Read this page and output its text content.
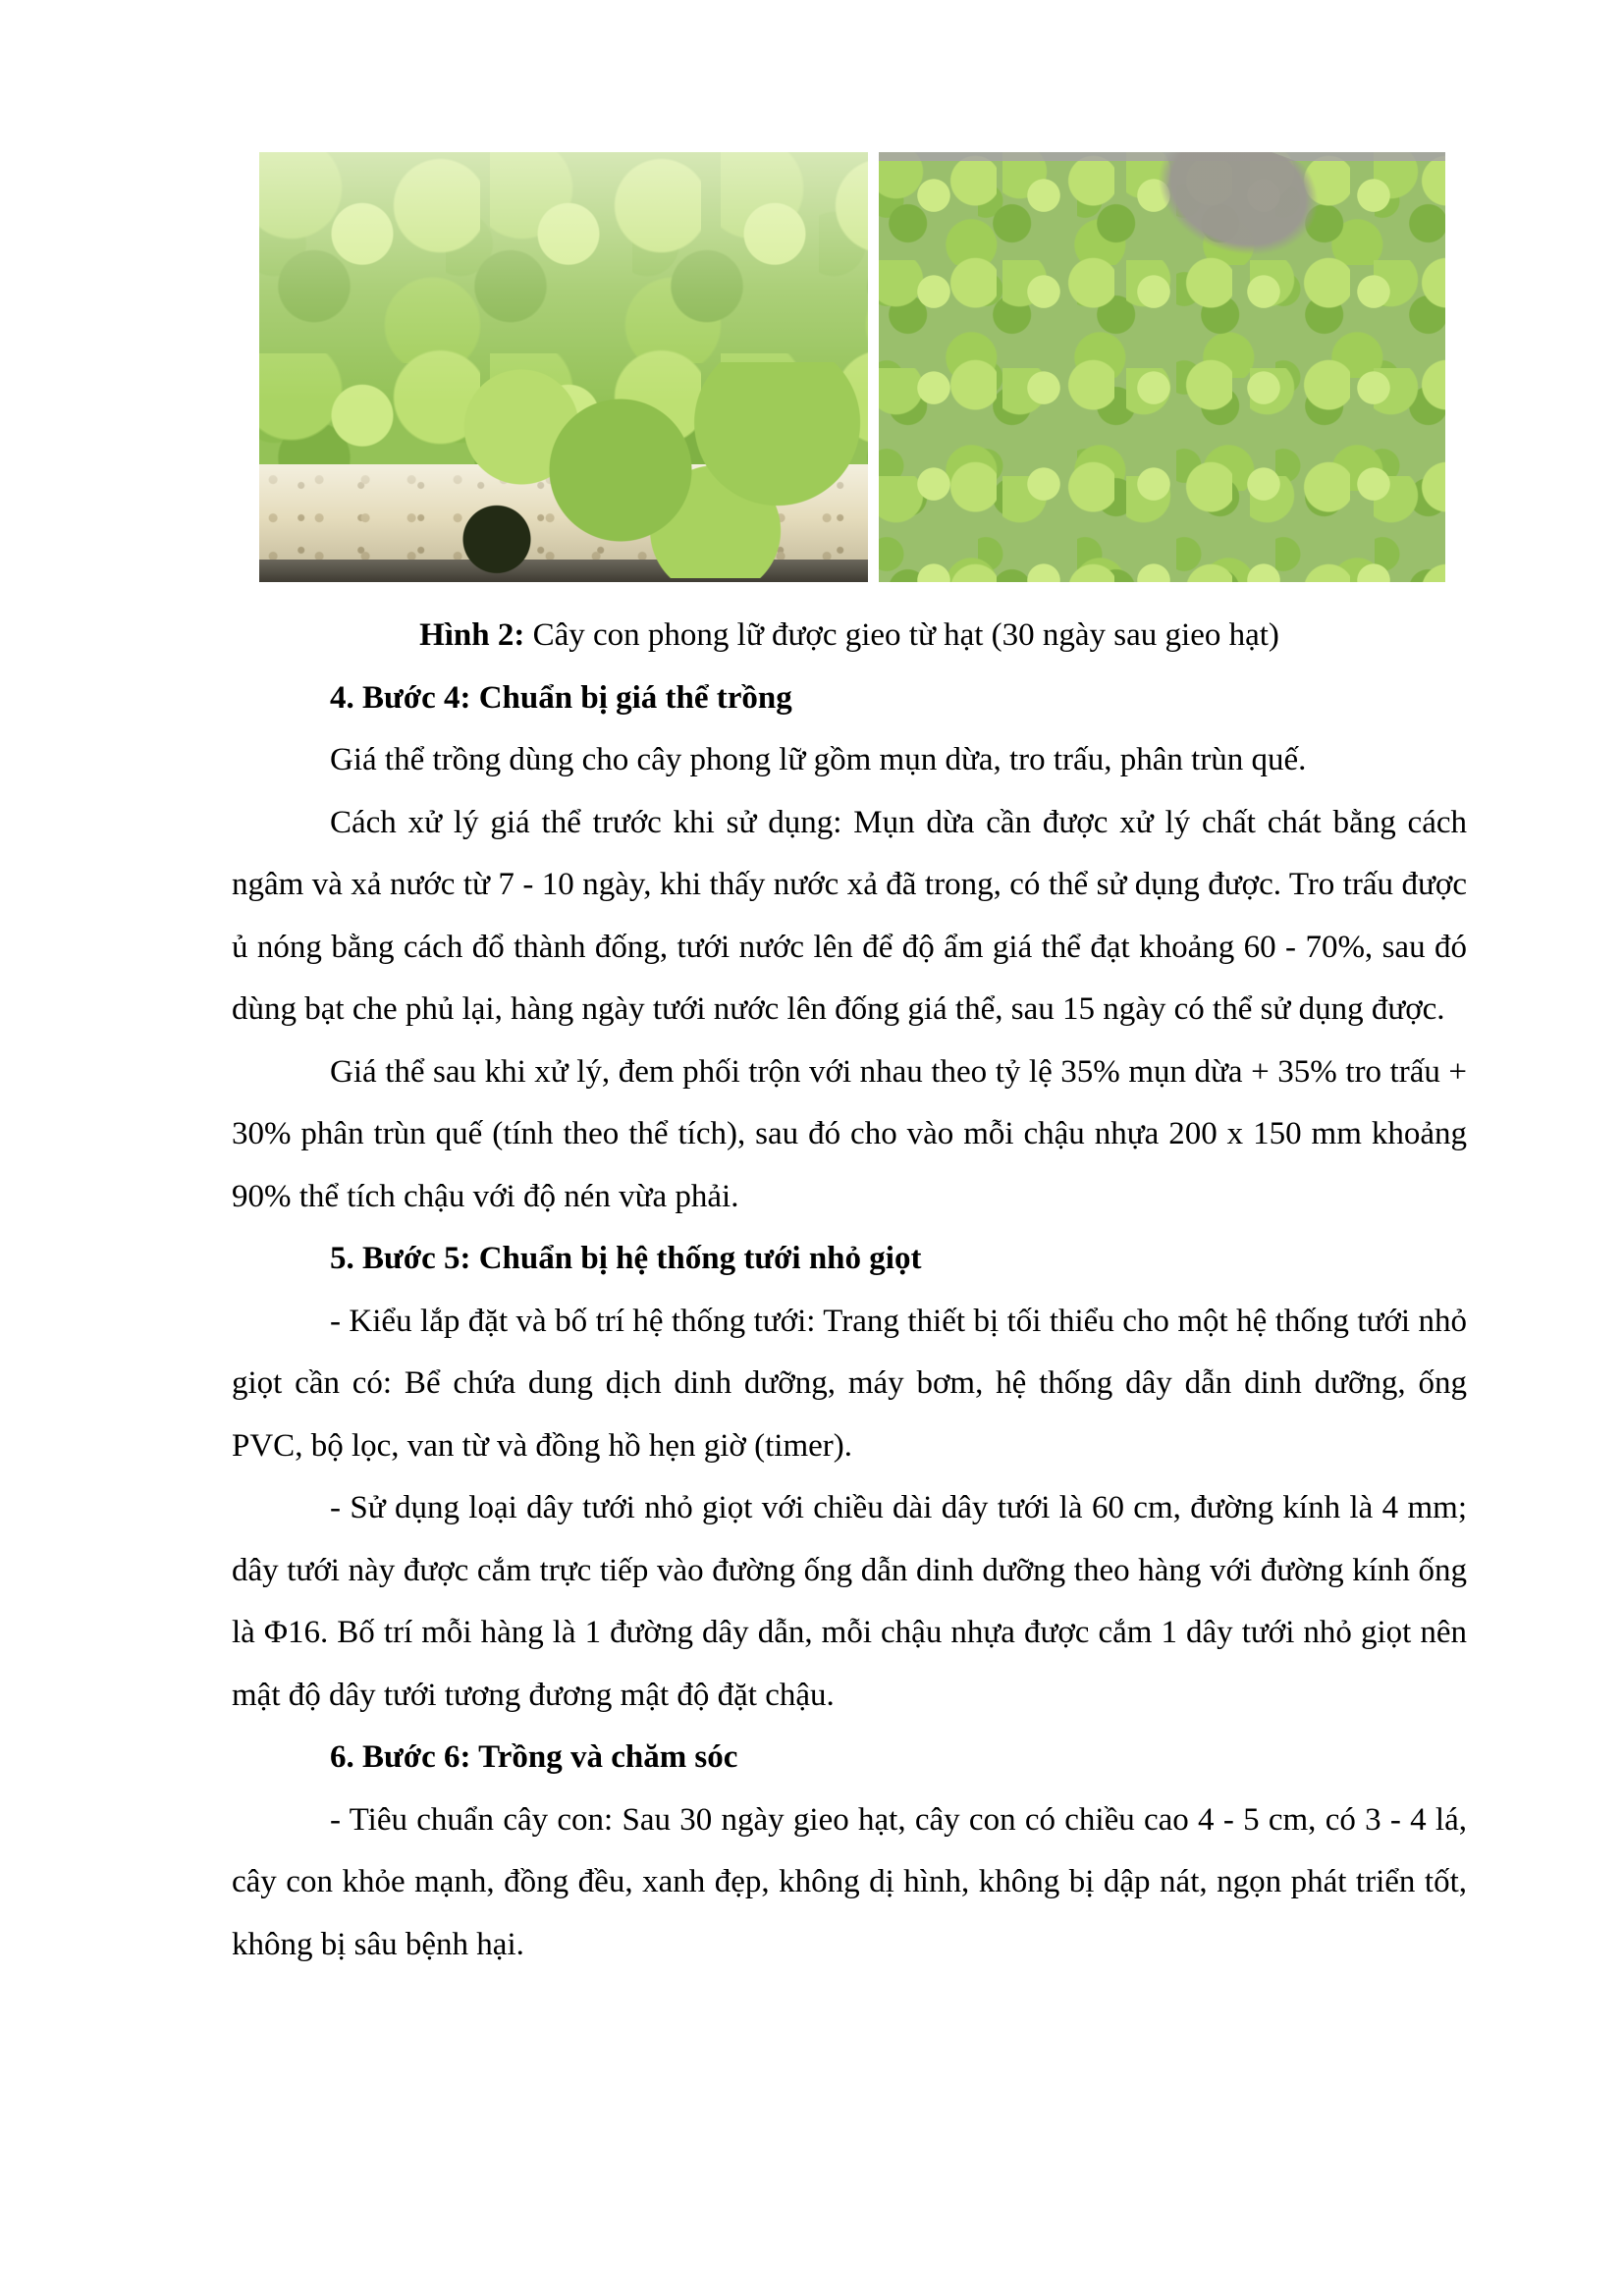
Hình 2: Cây con phong lữ được gieo từ hạt (30 ngày sau gieo hạt)
4. Bước 4: Chuẩn bị giá thể trồng
Giá thể trồng dùng cho cây phong lữ gồm mụn dừa, tro trấu, phân trùn quế.
Cách xử lý giá thể trước khi sử dụng: Mụn dừa cần được xử lý chất chát bằng cách ngâm và xả nước từ 7 - 10 ngày, khi thấy nước xả đã trong, có thể sử dụng được. Tro trấu được ủ nóng bằng cách đổ thành đống, tưới nước lên để độ ẩm giá thể đạt khoảng 60 - 70%, sau đó dùng bạt che phủ lại, hàng ngày tưới nước lên đống giá thể, sau 15 ngày có thể sử dụng được.
Giá thể sau khi xử lý, đem phối trộn với nhau theo tỷ lệ 35% mụn dừa + 35% tro trấu + 30% phân trùn quế (tính theo thể tích), sau đó cho vào mỗi chậu nhựa 200 x 150 mm khoảng 90% thể tích chậu với độ nén vừa phải.
5. Bước 5: Chuẩn bị hệ thống tưới nhỏ giọt
- Kiểu lắp đặt và bố trí hệ thống tưới: Trang thiết bị tối thiểu cho một hệ thống tưới nhỏ giọt cần có: Bể chứa dung dịch dinh dưỡng, máy bơm, hệ thống dây dẫn dinh dưỡng, ống PVC, bộ lọc, van từ và đồng hồ hẹn giờ (timer).
- Sử dụng loại dây tưới nhỏ giọt với chiều dài dây tưới là 60 cm, đường kính là 4 mm; dây tưới này được cắm trực tiếp vào đường ống dẫn dinh dưỡng theo hàng với đường kính ống là Φ16. Bố trí mỗi hàng là 1 đường dây dẫn, mỗi chậu nhựa được cắm 1 dây tưới nhỏ giọt nên mật độ dây tưới tương đương mật độ đặt chậu.
6. Bước 6: Trồng và chăm sóc
- Tiêu chuẩn cây con: Sau 30 ngày gieo hạt, cây con có chiều cao 4 - 5 cm, có 3 - 4 lá, cây con khỏe mạnh, đồng đều, xanh đẹp, không dị hình, không bị dập nát, ngọn phát triển tốt, không bị sâu bệnh hại.
